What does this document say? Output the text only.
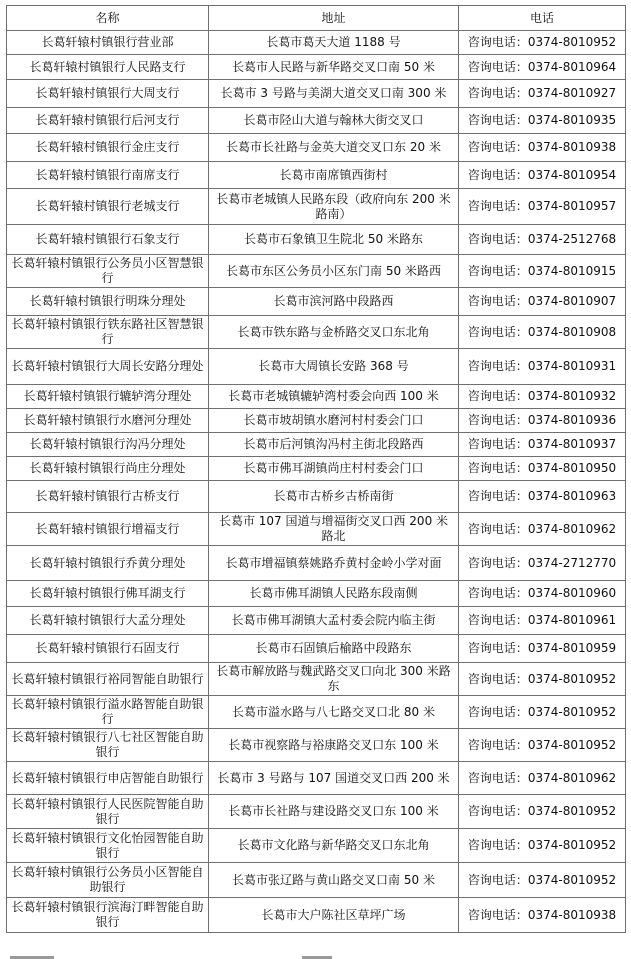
名称	地址	电话
长葛轩辕村镇银行营业部	长葛市葛天大道 1188 号	咨询电话：0374-8010952
长葛轩辕村镇银行人民路支行	长葛市人民路与新华路交叉口南 50 米	咨询电话：0374-8010964
长葛轩辕村镇银行大周支行	长葛市 3 号路与美湖大道交叉口南 300 米	咨询电话：0374-8010927
长葛轩辕村镇银行后河支行	长葛市陉山大道与翰林大街交叉口	咨询电话：0374-8010935
长葛轩辕村镇银行金庄支行	长葛市长社路与金英大道交叉口东 20 米	咨询电话：0374-8010938
长葛轩辕村镇银行南席支行	长葛市南席镇西街村	咨询电话：0374-8010954
长葛轩辕村镇银行老城支行	长葛市老城镇人民路东段（政府向东 200 米路南）	咨询电话：0374-8010957
长葛轩辕村镇银行石象支行	长葛市石象镇卫生院北 50 米路东	咨询电话：0374-2512768
长葛轩辕村镇银行公务员小区智慧银行	长葛市东区公务员小区东门南 50 米路西	咨询电话：0374-8010915
长葛轩辕村镇银行明珠分理处	长葛市滨河路中段路西	咨询电话：0374-8010907
长葛轩辕村镇银行铁东路社区智慧银行	长葛市铁东路与金桥路交叉口东北角	咨询电话：0374-8010908
长葛轩辕村镇银行大周长安路分理处	长葛市大周镇长安路 368 号	咨询电话：0374-8010931
长葛轩辕村镇银行辘轳湾分理处	长葛市老城镇辘轳湾村委会向西 100 米	咨询电话：0374-8010932
长葛轩辕村镇银行水磨河分理处	长葛市坡胡镇水磨河村村委会门口	咨询电话：0374-8010936
长葛轩辕村镇银行沟冯分理处	长葛市后河镇沟冯村主街北段路西	咨询电话：0374-8010937
长葛轩辕村镇银行尚庄分理处	长葛市佛耳湖镇尚庄村村委会门口	咨询电话：0374-8010950
长葛轩辕村镇银行古桥支行	长葛市古桥乡古桥南街	咨询电话：0374-8010963
长葛轩辕村镇银行增福支行	长葛市 107 国道与增福街交叉口西 200 米路北	咨询电话：0374-8010962
长葛轩辕村镇银行乔黄分理处	长葛市增福镇蔡姚路乔黄村金岭小学对面	咨询电话：0374-2712770
长葛轩辕村镇银行佛耳湖支行	长葛市佛耳湖镇人民路东段南侧	咨询电话：0374-8010960
长葛轩辕村镇银行大孟分理处	长葛市佛耳湖镇大孟村委会院内临主街	咨询电话：0374-8010961
长葛轩辕村镇银行石固支行	长葛市石固镇后榆路中段路东	咨询电话：0374-8010959
长葛轩辕村镇银行裕同智能自助银行	长葛市解放路与魏武路交叉口向北 300 米路东	咨询电话：0374-8010952
长葛轩辕村镇银行溢水路智能自助银行	长葛市溢水路与八七路交叉口北 80 米	咨询电话：0374-8010952
长葛轩辕村镇银行八七社区智能自助银行	长葛市视察路与裕康路交叉口东 100 米	咨询电话：0374-8010952
长葛轩辕村镇银行申店智能自助银行	长葛市 3 号路与 107 国道交叉口西 200 米	咨询电话：0374-8010962
长葛轩辕村镇银行人民医院智能自助银行	长葛市长社路与建设路交叉口东 100 米	咨询电话：0374-8010952
长葛轩辕村镇银行文化怡园智能自助银行	长葛市文化路与新华路交叉口东北角	咨询电话：0374-8010952
长葛轩辕村镇银行公务员小区智能自助银行	长葛市张辽路与黄山路交叉口南 50 米	咨询电话：0374-8010952
长葛轩辕村镇银行滨海汀畔智能自助银行	长葛市大户陈社区草坪广场	咨询电话：0374-8010938
